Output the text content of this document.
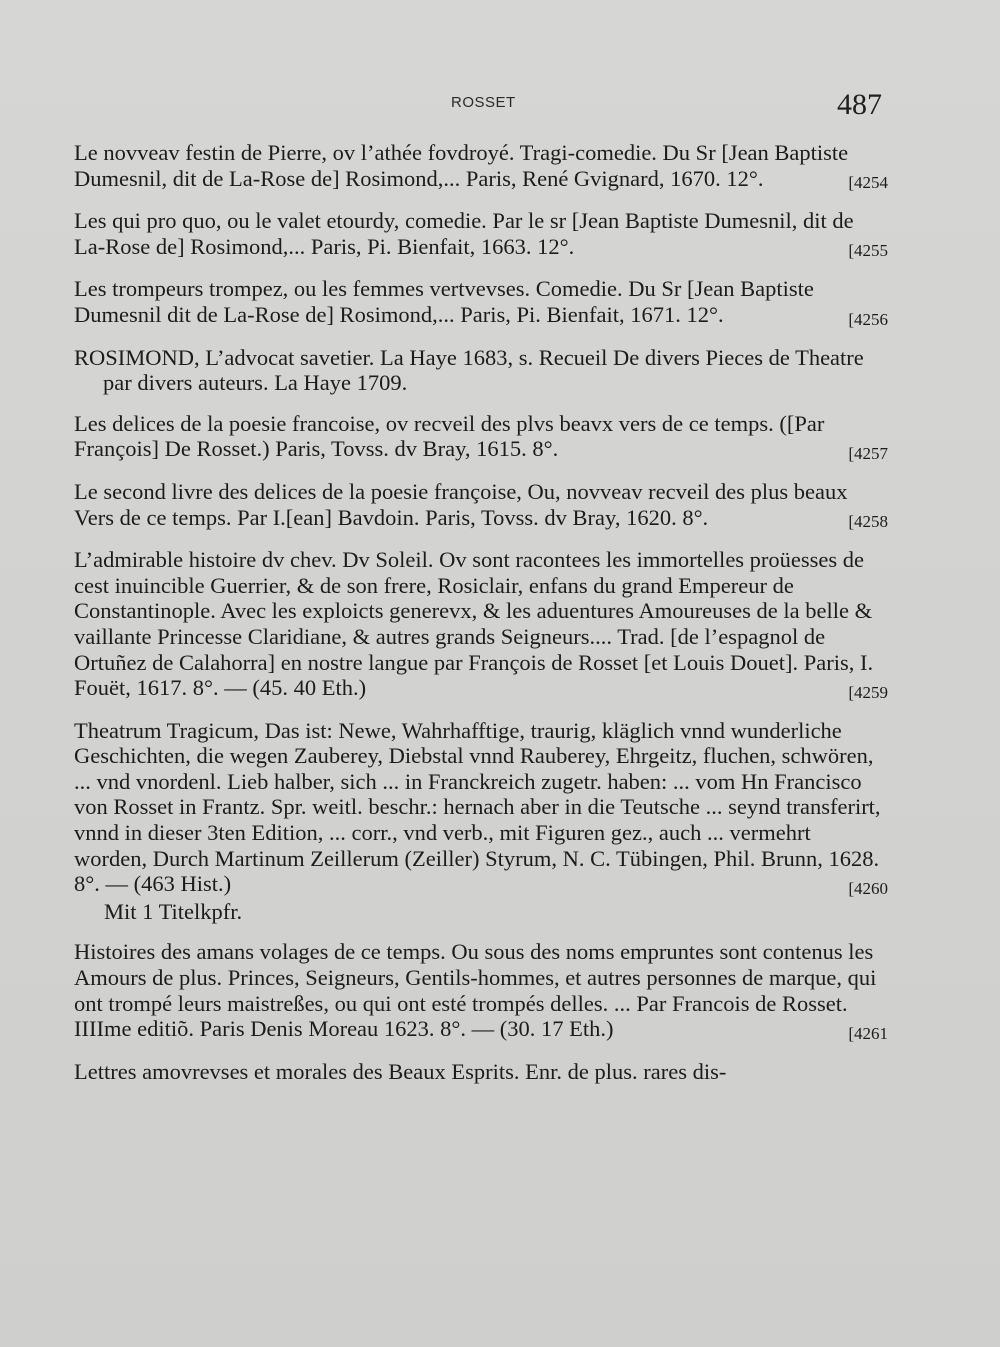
ROSSET	487
Le novveav festin de Pierre, ov l’athée fovdroyé. Tragi-comedie. Du Sr [Jean Baptiste Dumesnil, dit de La-Rose de] Rosimond,... Paris, René Gvignard, 1670. 12°.	[4254
Les qui pro quo, ou le valet etourdy, comedie. Par le sr [Jean Baptiste Dumesnil, dit de La-Rose de] Rosimond,... Paris, Pi. Bienfait, 1663. 12°.	[4255
Les trompeurs trompez, ou les femmes vertvevses. Comedie. Du Sr [Jean Baptiste Dumesnil dit de La-Rose de] Rosimond,... Paris, Pi. Bienfait, 1671. 12°.	[4256
ROSIMOND, L’advocat savetier. La Haye 1683, s. Recueil De divers Pieces de Theatre par divers auteurs. La Haye 1709.
Les delices de la poesie francoise, ov recveil des plvs beavx vers de ce temps. ([Par François] De Rosset.) Paris, Tovss. dv Bray, 1615. 8°.	[4257
Le second livre des delices de la poesie françoise, Ou, novveav recveil des plus beaux Vers de ce temps. Par I.[ean] Bavdoin. Paris, Tovss. dv Bray, 1620. 8°.	[4258
L’admirable histoire dv chev. Dv Soleil. Ov sont racontees les immortelles proüesses de cest inuincible Guerrier, & de son frere, Rosiclair, enfans du grand Empereur de Constantinople. Avec les exploicts generevx, & les aduentures Amoureuses de la belle & vaillante Princesse Claridiane, & autres grands Seigneurs.... Trad. [de l’espagnol de Ortuñez de Calahorra] en nostre langue par François de Rosset [et Louis Douet]. Paris, I. Fouët, 1617. 8°. — (45. 40 Eth.)	[4259
Theatrum Tragicum, Das ist: Newe, Wahrhafftige, traurig, kläglich vnnd wunderliche Geschichten, die wegen Zauberey, Diebstal vnnd Rauberey, Ehrgeitz, fluchen, schwören, ... vnd vnordenl. Lieb halber, sich ... in Franckreich zugetr. haben: ... vom Hn Francisco von Rosset in Frantz. Spr. weitl. beschr.: hernach aber in die Teutsche ... seynd transferirt, vnnd in dieser 3ten Edition, ... corr., vnd verb., mit Figuren gez., auch ... vermehrt worden, Durch Martinum Zeillerum (Zeiller) Styrum, N. C. Tübingen, Phil. Brunn, 1628. 8°. — (463 Hist.)	[4260
Mit 1 Titelkpfr.
Histoires des amans volages de ce temps. Ou sous des noms empruntes sont contenus les Amours de plus. Princes, Seigneurs, Gentils-hommes, et autres personnes de marque, qui ont trompé leurs maistreßes, ou qui ont esté trompés delles. ... Par Francois de Rosset. IIIIme editiõ. Paris Denis Moreau 1623. 8°. — (30. 17 Eth.)	[4261
Lettres amovrevses et morales des Beaux Esprits. Enr. de plus. rares dis-
